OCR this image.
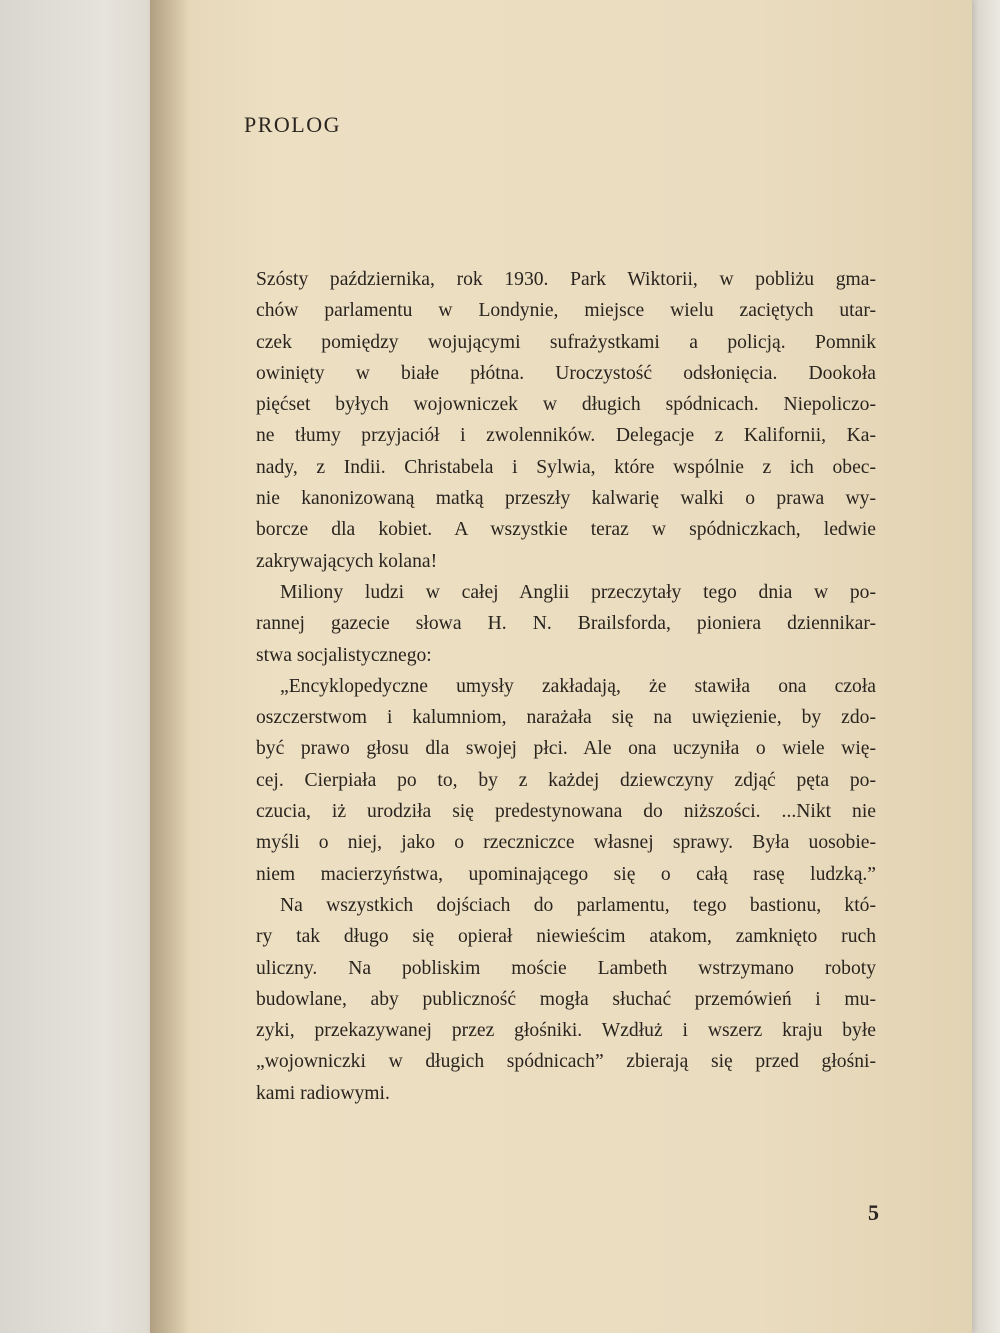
PROLOG
Szósty października, rok 1930. Park Wiktorii, w pobliżu gma-
chów parlamentu w Londynie, miejsce wielu zaciętych utar-
czek pomiędzy wojującymi sufrażystkami a policją. Pomnik
owinięty w białe płótna. Uroczystość odsłonięcia. Dookoła
pięćset byłych wojowniczek w długich spódnicach. Niepoliczo-
ne tłumy przyjaciół i zwolenników. Delegacje z Kalifornii, Ka-
nady, z Indii. Christabela i Sylwia, które wspólnie z ich obec-
nie kanonizowaną matką przeszły kalwarię walki o prawa wy-
borcze dla kobiet. A wszystkie teraz w spódniczkach, ledwie
zakrywających kolana!
Miliony ludzi w całej Anglii przeczytały tego dnia w po-
rannej gazecie słowa H. N. Brailsforda, pioniera dziennikar-
stwa socjalistycznego:
„Encyklopedyczne umysły zakładają, że stawiła ona czoła
oszczerstwom i kalumniom, narażała się na uwięzienie, by zdo-
być prawo głosu dla swojej płci. Ale ona uczyniła o wiele wię-
cej. Cierpiała po to, by z każdej dziewczyny zdjąć pęta po-
czucia, iż urodziła się predestynowana do niższości. ...Nikt nie
myśli o niej, jako o rzeczniczce własnej sprawy. Była uosobie-
niem macierzyństwa, upominającego się o całą rasę ludzką.”
Na wszystkich dojściach do parlamentu, tego bastionu, któ-
ry tak długo się opierał niewieścim atakom, zamknięto ruch
uliczny. Na pobliskim moście Lambeth wstrzymano roboty
budowlane, aby publiczność mogła słuchać przemówień i mu-
zyki, przekazywanej przez głośniki. Wzdłuż i wszerz kraju byłe
„wojowniczki w długich spódnicach” zbierają się przed głośni-
kami radiowymi.
5
